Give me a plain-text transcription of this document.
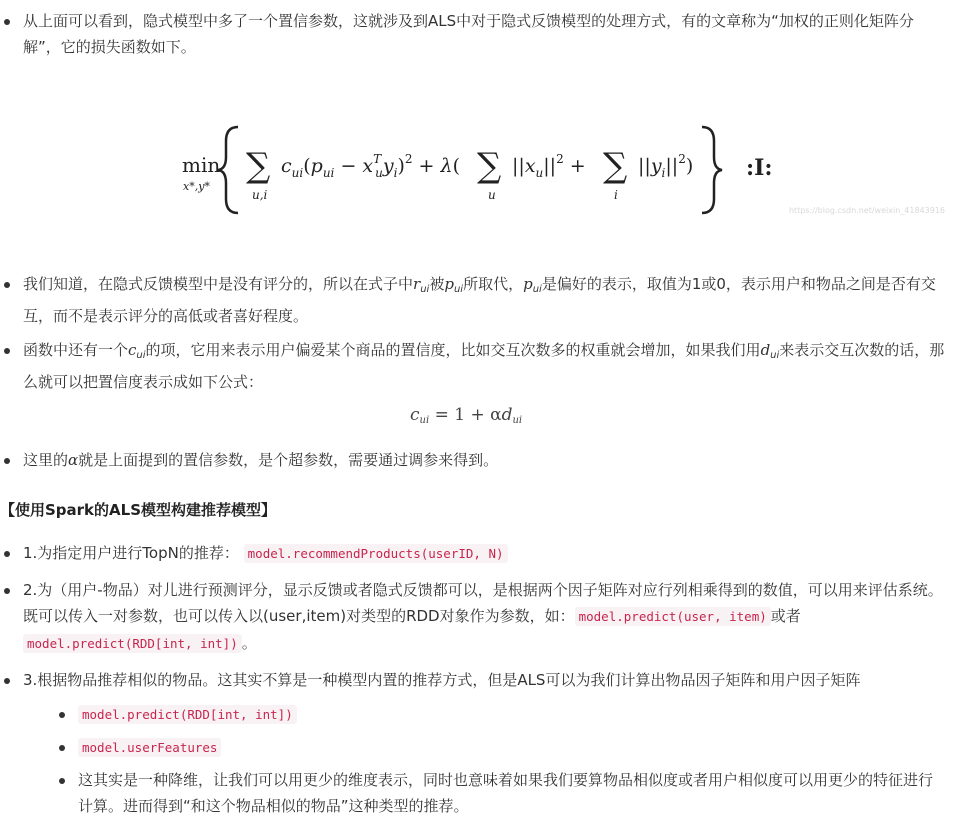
从上面可以看到，隐式模型中多了一个置信参数，这就涉及到ALS中对于隐式反馈模型的处理方式，有的文章称为“加权的正则化矩阵分解”，它的损失函数如下。
min
x*,y*
∑
u,i
$c_{ui}(p_{ui} - x^T$ $uy_i)^2 + \lambda$( ∑
u
$||x_u||^2$ + ∑
i
$||y_i||^2$) :I:
https://blog.csdn.net/weixin_41843916
我们知道，在隐式反馈模型中是没有评分的，所以在式子中$r_{ui}$被$p_{ui}$所取代，$p_{ui}$是偏好的表示，取值为1或0，表示用户和物品之间是否有交互，而不是表示评分的高低或者喜好程度。
函数中还有一个$c_{ui}$的项，它用来表示用户偏爱某个商品的置信度，比如交互次数多的权重就会增加，如果我们用$d_{ui}$来表示交互次数的话，那么就可以把置信度表示成如下公式：
$c_{ui} = 1 + \alpha d_{ui}$
这里的α就是上面提到的置信参数，是个超参数，需要通过调参来得到。
【使用Spark的ALS模型构建推荐模型】
1.为指定用户进行TopN的推荐： model.recommendProducts(userID, N)
2.为（用户-物品）对儿进行预测评分，显示反馈或者隐式反馈都可以，是根据两个因子矩阵对应行列相乘得到的数值，可以用来评估系统。既可以传入一对参数，也可以传入以(user,item)对类型的RDD对象作为参数，如： model.predict(user, item) 或者
model.predict(RDD[int, int]) 。
3.根据物品推荐相似的物品。这其实不算是一种模型内置的推荐方式，但是ALS可以为我们计算出物品因子矩阵和用户因子矩阵
model.predict(RDD[int, int])
model.userFeatures
这其实是一种降维，让我们可以用更少的维度表示，同时也意味着如果我们要算物品相似度或者用户相似度可以用更少的特征进行计算。进而得到“和这个物品相似的物品”这种类型的推荐。
